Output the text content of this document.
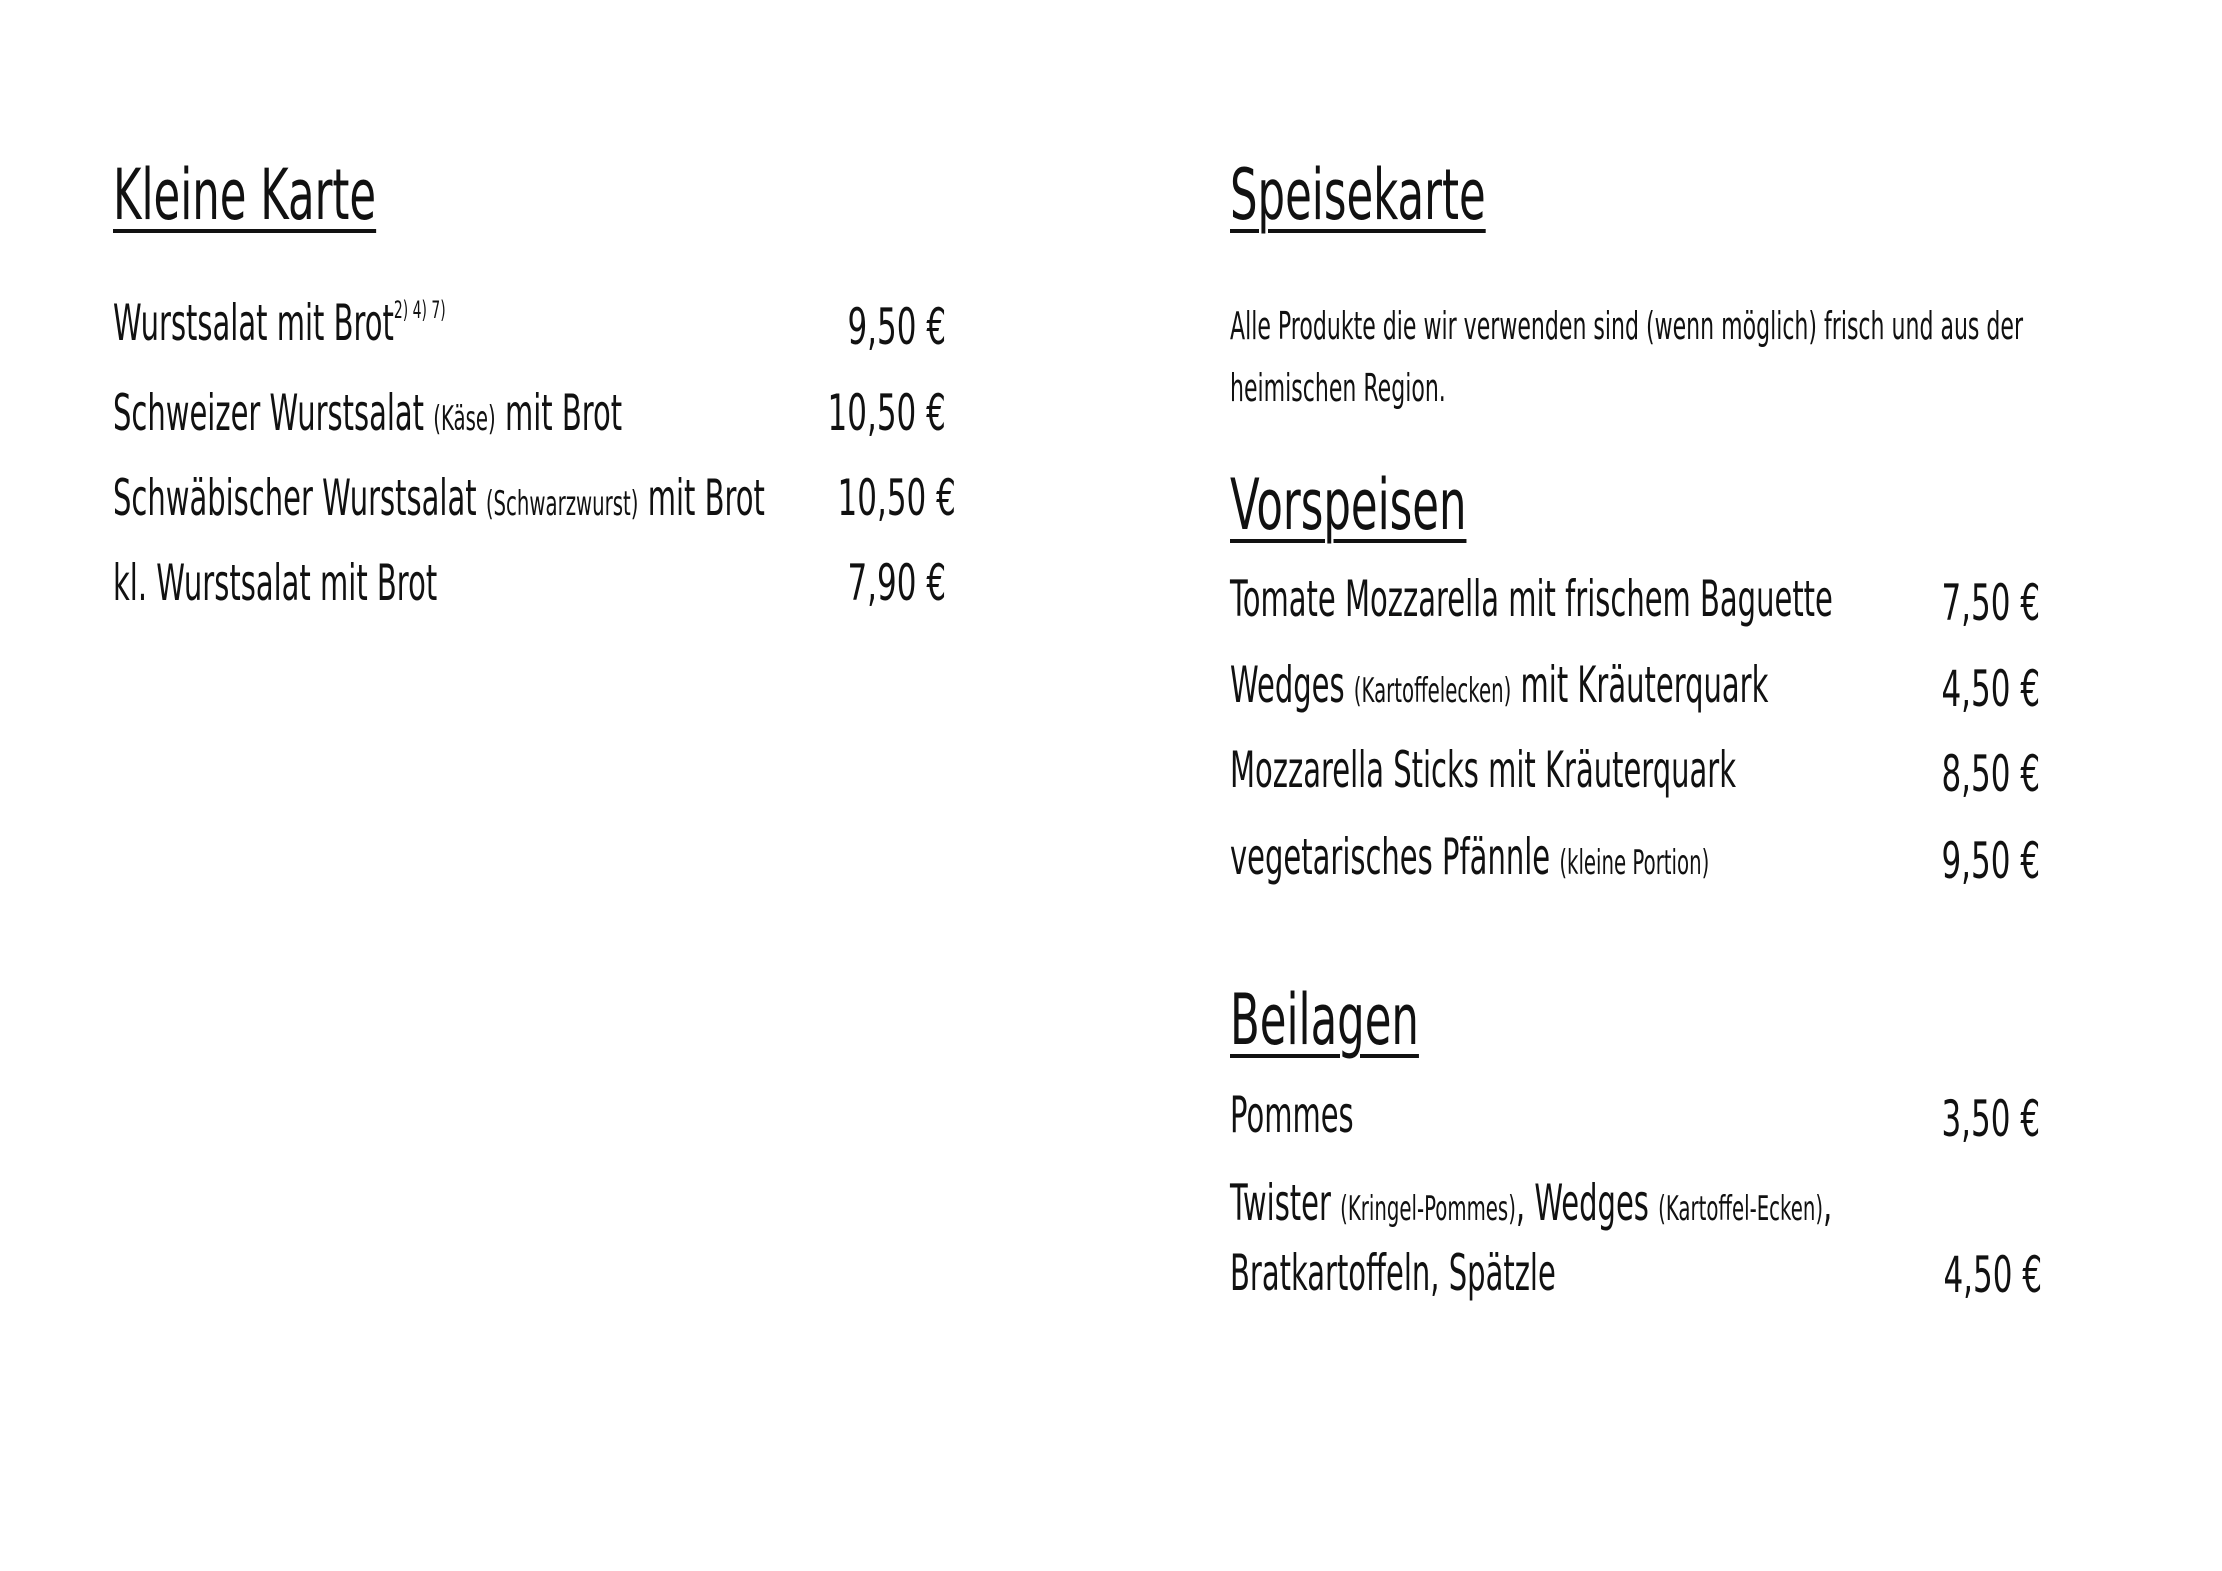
Kleine Karte
Wurstsalat mit Brot$^{2) 4) 7)}$	9,50 €
Schweizer Wurstsalat (Käse) mit Brot	10,50 €
Schwäbischer Wurstsalat (Schwarzwurst) mit Brot 10,50 €
kl. Wurstsalat mit Brot	7,90 €
Speisekarte

Alle Produkte die wir verwenden sind (wenn möglich) frisch und aus der heimischen Region.

Vorspeisen
Tomate Mozzarella mit frischem Baguette 7,50 €
Wedges (Kartoffelecken) mit Kräuterquark	4,50 €
Mozzarella Sticks mit Kräuterquark	8,50 €
vegetarisches Pfännle (kleine Portion)	9,50 €
Beilagen
Pommes	3,50 €
Twister (Kringel-Pommes), Wedges (Kartoffel-Ecken),
Bratkartoffeln, Spätzle	4,50 €
